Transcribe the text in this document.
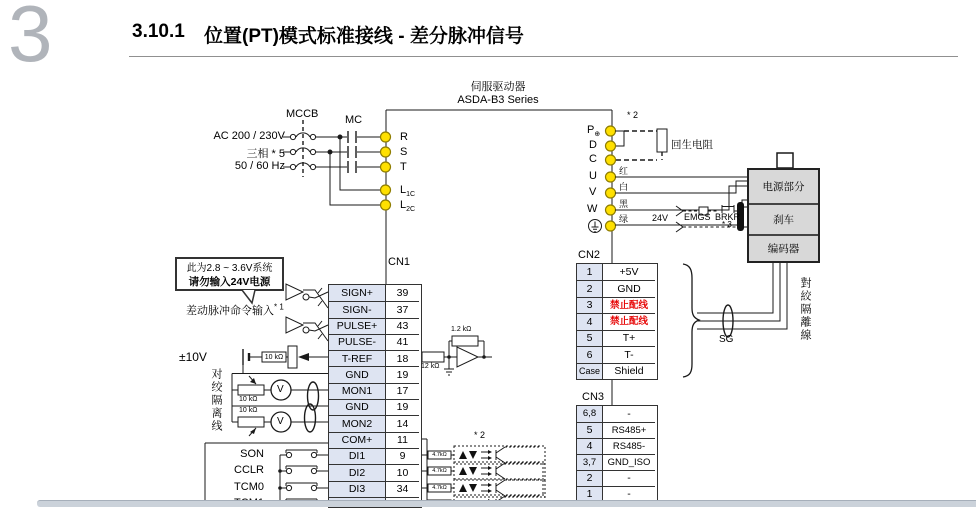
3	3.10.1 位置(PT)模式标准接线 - 差分脉冲信号
伺服驱动器
ASDA-B3 Series
AC 200 / 230V
三相 * 5
50 / 60 Hz
MCCB MC
R
S
T
$L_{1C}$
$L_{2C}$
$P_\oplus$
D
C
U
V
W
* 2
回生电阻
红
白
黑
绿	24V EMGS BRKR
* 3
电源部分
刹车
编码器
對絞隔離線
SG
CN1
SIGN+	39
SIGN-	37
PULSE+	43
PULSE-	41
T-REF	18
GND	19
MON1	17
GND	19
MON2	14
COM+	11
DI1	9
DI2	10
DI3	34
CN2
1	+5V
2	GND
3	禁止配线
4	禁止配线
5	T+
6	T-
Case	Shield
CN3
6,8	-
5	RS485+
4	RS485-
3,7	GND_ISO
2	-
1	-
此为2.8 ~ 3.6V系统
请勿输入24V电源
差动脉冲命令输入$^{* 1}$
±10V	10 kΩ
12 kΩ
1.2 kΩ
对绞隔离线 10 kΩ
10 kΩ
V
V
SON
CCLR
TCM0
4.7kΩ
4.7kΩ
4.7kΩ
* 2
